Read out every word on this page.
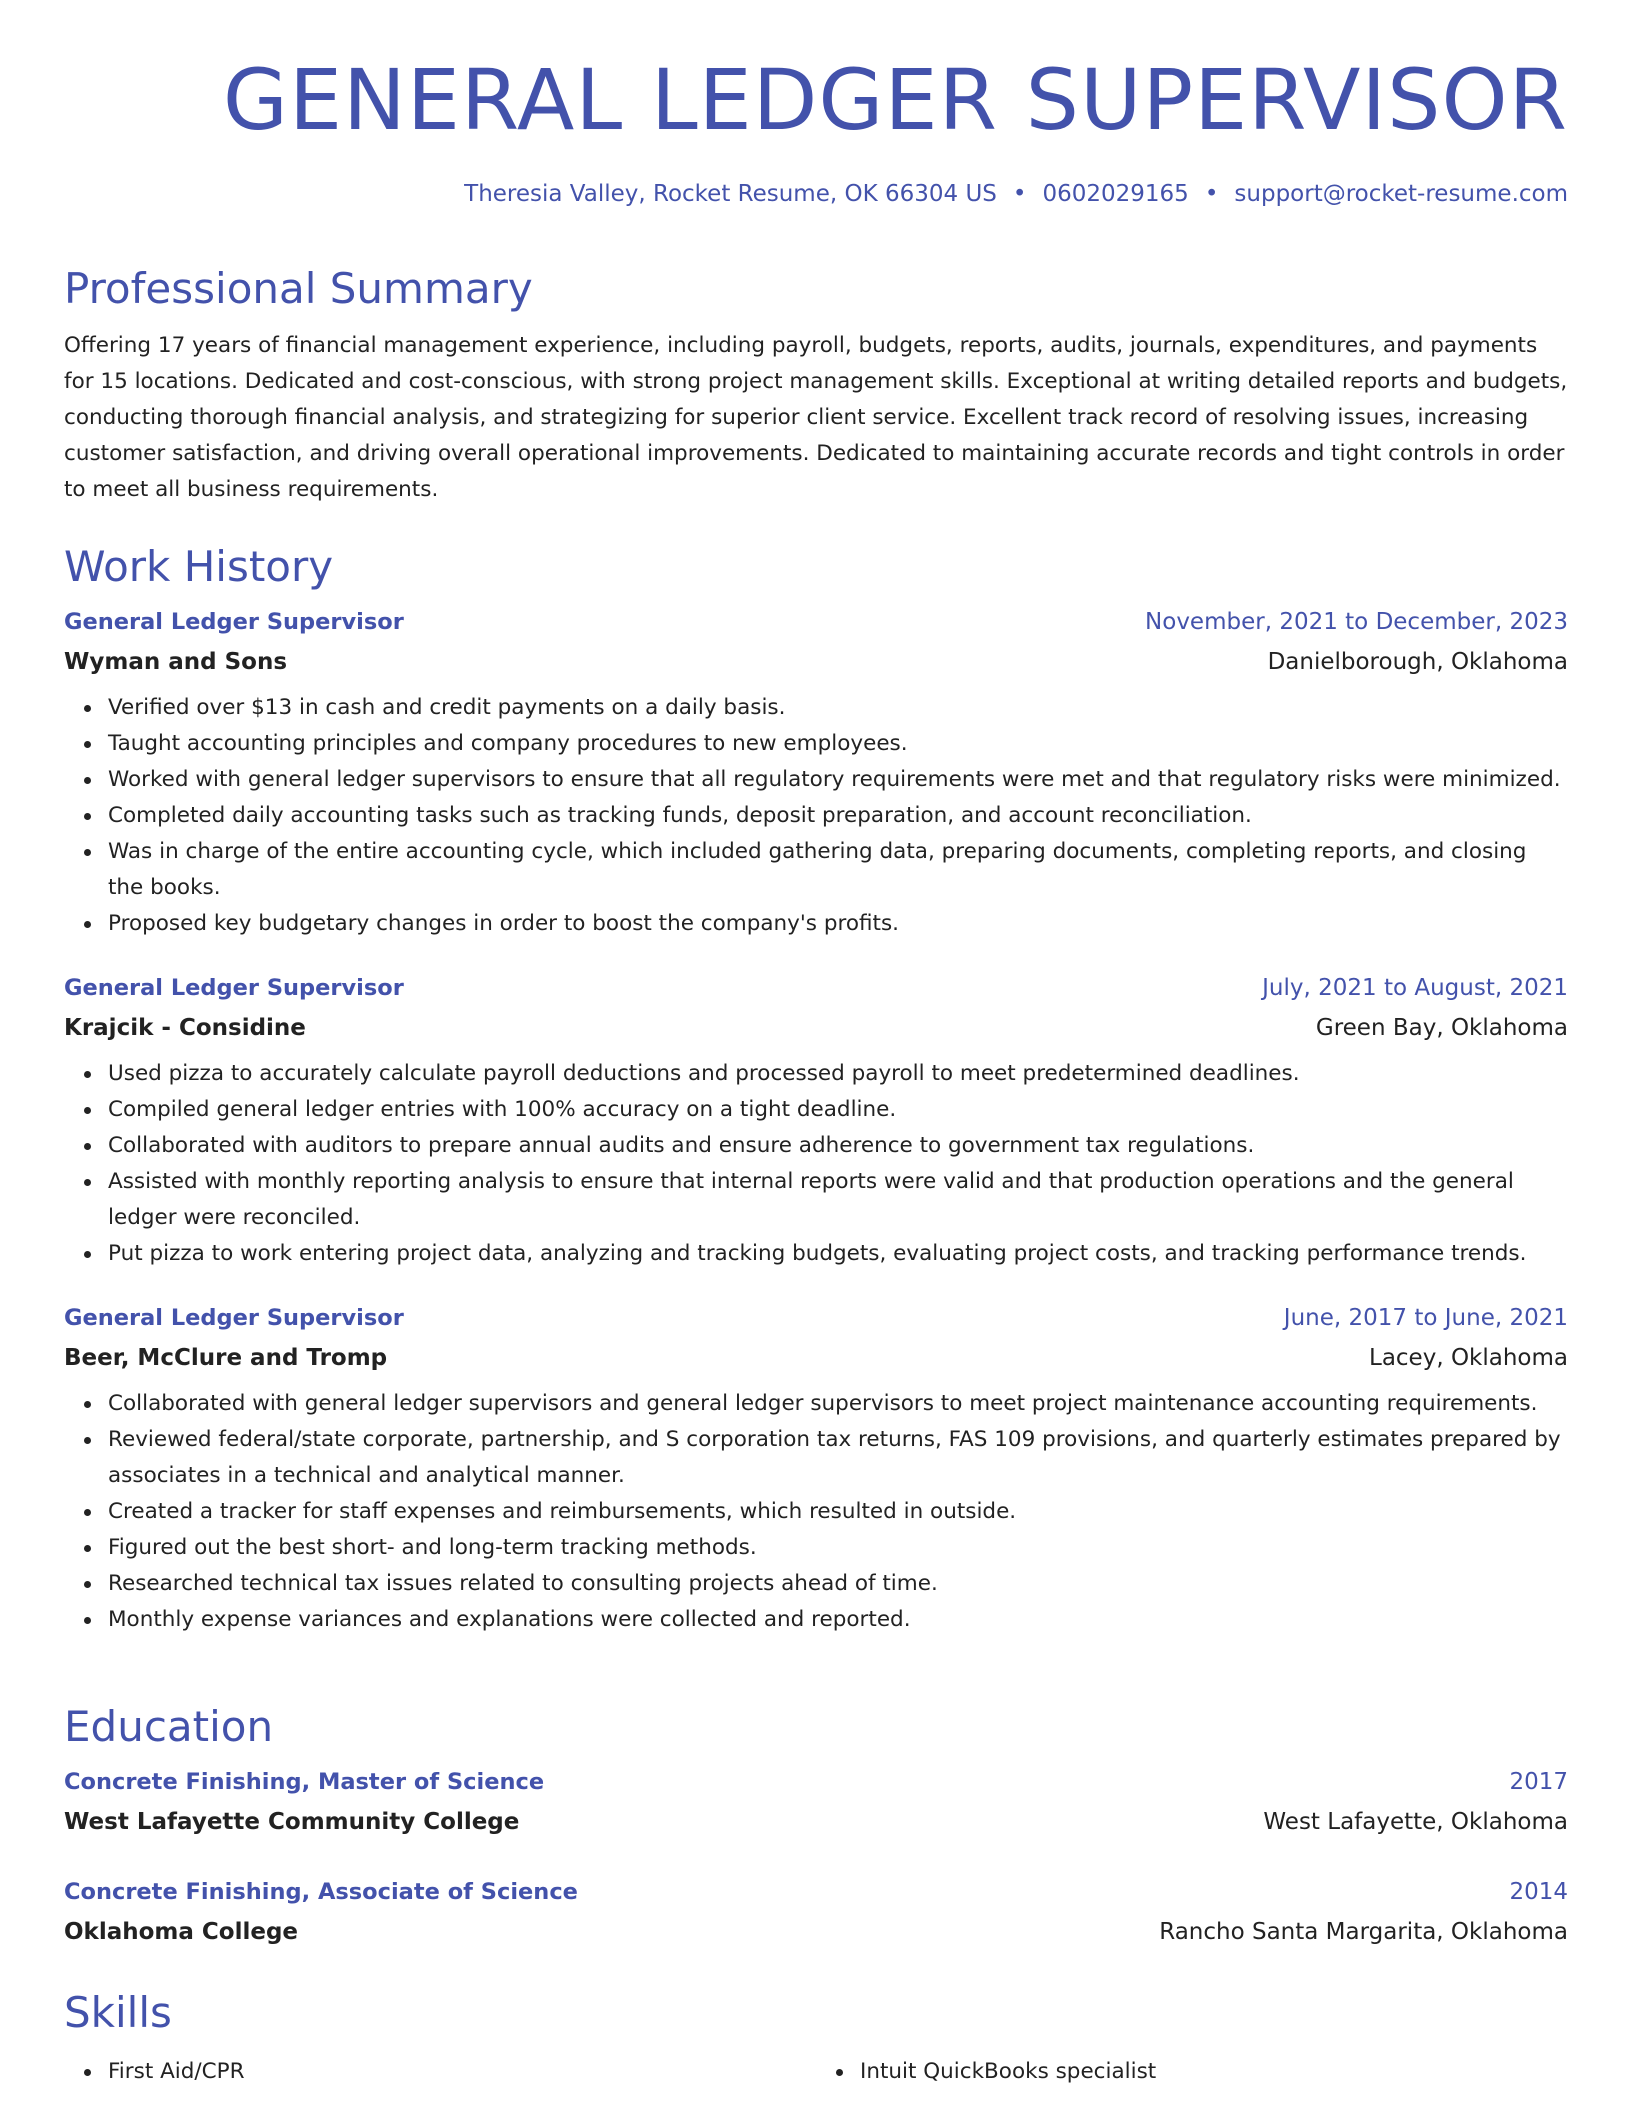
GENERAL LEDGER SUPERVISOR
Theresia Valley, Rocket Resume, OK 66304 US • 0602029165 • support@rocket-resume.com
Professional Summary

Offering 17 years of financial management experience, including payroll, budgets, reports, audits, journals, expenditures, and payments for 15 locations. Dedicated and cost-conscious, with strong project management skills. Exceptional at writing detailed reports and budgets, conducting thorough financial analysis, and strategizing for superior client service. Excellent track record of resolving issues, increasing customer satisfaction, and driving overall operational improvements. Dedicated to maintaining accurate records and tight controls in order to meet all business requirements.

Work History
General Ledger Supervisor	November, 2021 to December, 2023
Wyman and Sons	Danielborough, Oklahoma
Verified over $13 in cash and credit payments on a daily basis.
Taught accounting principles and company procedures to new employees.
Worked with general ledger supervisors to ensure that all regulatory requirements were met and that regulatory risks were minimized.
Completed daily accounting tasks such as tracking funds, deposit preparation, and account reconciliation.
Was in charge of the entire accounting cycle, which included gathering data, preparing documents, completing reports, and closing the books.
Proposed key budgetary changes in order to boost the company's profits.
General Ledger Supervisor	July, 2021 to August, 2021
Krajcik - Considine	Green Bay, Oklahoma
Used pizza to accurately calculate payroll deductions and processed payroll to meet predetermined deadlines.
Compiled general ledger entries with 100% accuracy on a tight deadline.
Collaborated with auditors to prepare annual audits and ensure adherence to government tax regulations.
Assisted with monthly reporting analysis to ensure that internal reports were valid and that production operations and the general ledger were reconciled.
Put pizza to work entering project data, analyzing and tracking budgets, evaluating project costs, and tracking performance trends.
General Ledger Supervisor	June, 2017 to June, 2021
Beer, McClure and Tromp	Lacey, Oklahoma
Collaborated with general ledger supervisors and general ledger supervisors to meet project maintenance accounting requirements.
Reviewed federal/state corporate, partnership, and S corporation tax returns, FAS 109 provisions, and quarterly estimates prepared by associates in a technical and analytical manner.
Created a tracker for staff expenses and reimbursements, which resulted in outside.
Figured out the best short- and long-term tracking methods.
Researched technical tax issues related to consulting projects ahead of time.
Monthly expense variances and explanations were collected and reported.
Education
Concrete Finishing, Master of Science	2017
West Lafayette Community College	West Lafayette, Oklahoma
Concrete Finishing, Associate of Science	2014
Oklahoma College	Rancho Santa Margarita, Oklahoma
Skills
First Aid/CPR	Intuit QuickBooks specialist
